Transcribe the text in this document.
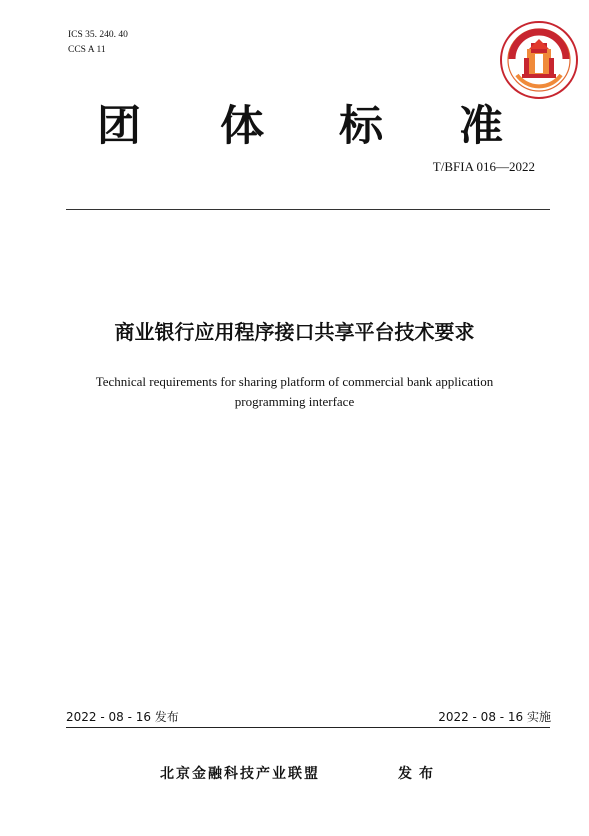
ICS 35. 240. 40
CCS A 11
团 体 标 准
T/BFIA 016—2022
商业银行应用程序接口共享平台技术要求
Technical requirements for sharing platform of commercial bank application
programming interface
2022 - 08 - 16 发布	2022 - 08 - 16 实施
北京金融科技产业联盟	发布
